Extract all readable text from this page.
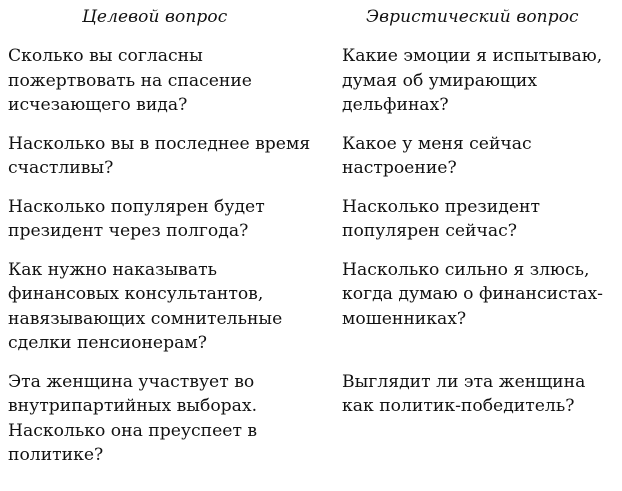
Целевой вопрос	Эвристический вопрос
Сколько вы согласны
пожертвовать на спасение
исчезающего вида?
Какие эмоции я испытываю,
думая об умирающих
дельфинах?
Насколько вы в последнее время
счастливы?
Какое у меня сейчас
настроение?
Насколько популярен будет
президент через полгода?
Насколько президент
популярен сейчас?
Как нужно наказывать
финансовых консультантов,
навязывающих сомнительные
сделки пенсионерам?
Насколько сильно я злюсь,
когда думаю о финансистах-
мошенниках?
Эта женщина участвует во
внутрипартийных выборах.
Насколько она преуспеет в
политике?
Выглядит ли эта женщина
как политик-победитель?
